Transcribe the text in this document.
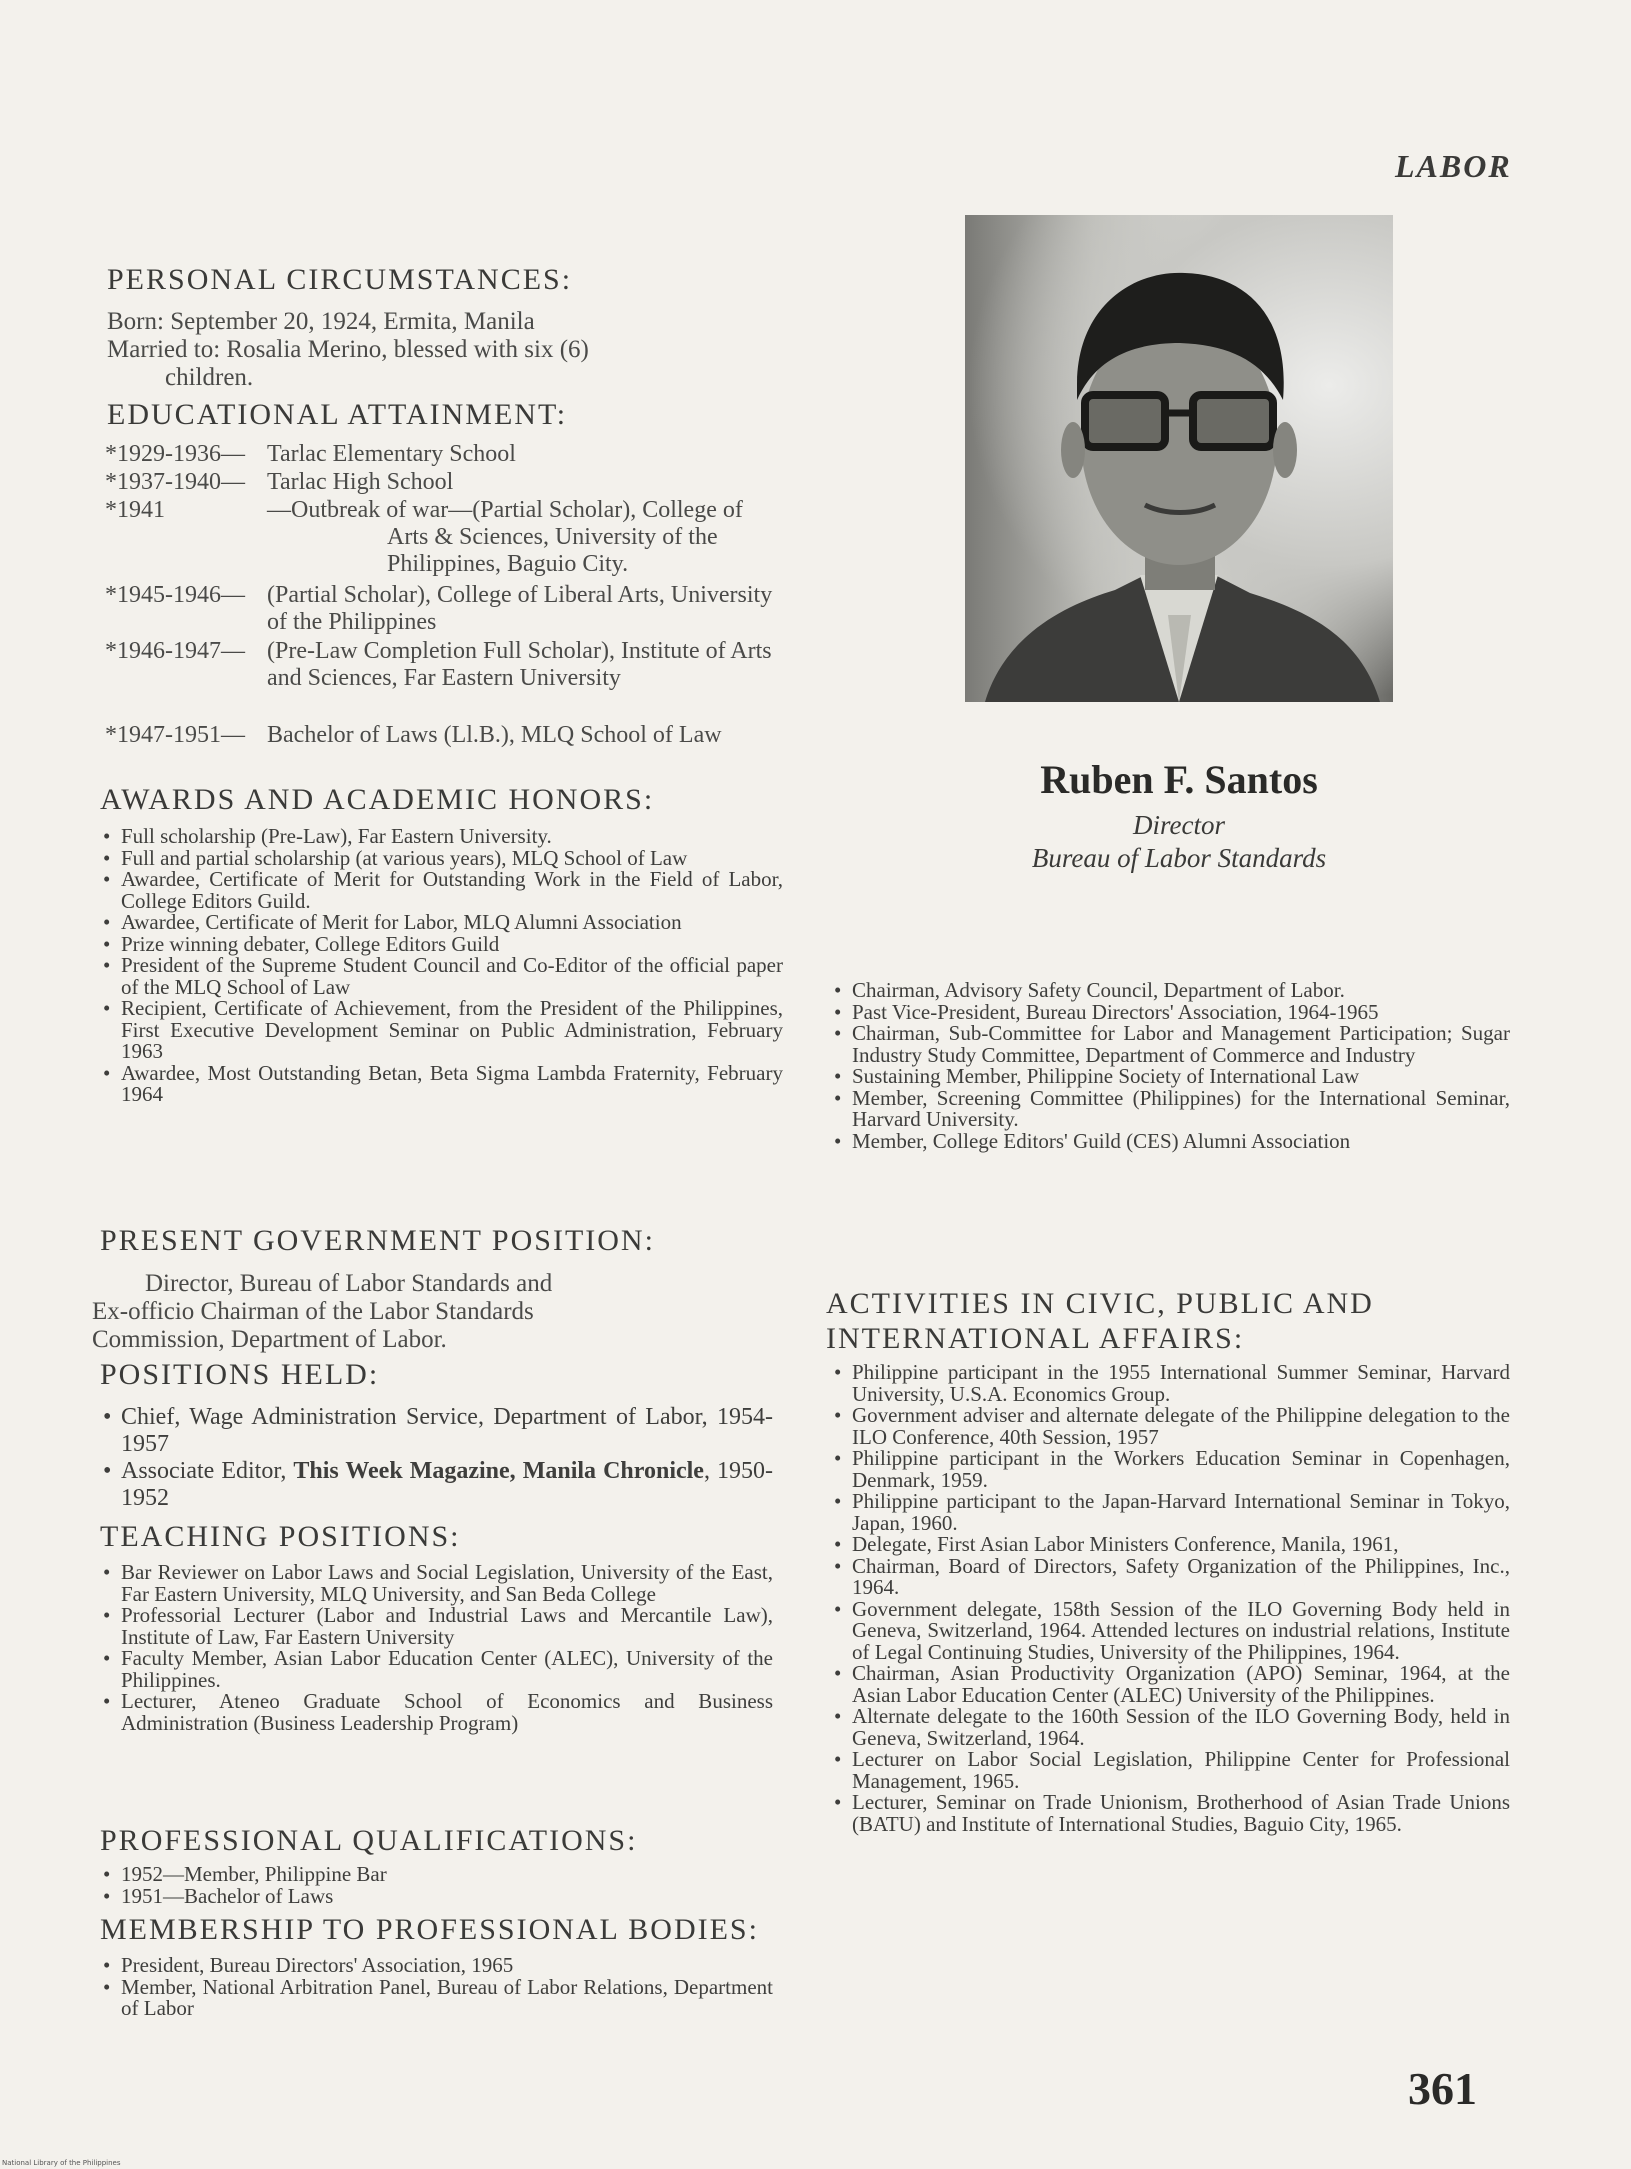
LABOR
Ruben F. Santos
Director
Bureau of Labor Standards
PERSONAL CIRCUMSTANCES:
Born: September 20, 1924, Ermita, Manila
Married to: Rosalia Merino, blessed with six (6)
children.
EDUCATIONAL ATTAINMENT:
*1929-1936— Tarlac Elementary School
*1937-1940— Tarlac High School
*1941	—Outbreak of war—(Partial Scholar), College of Arts & Sciences, University of the Philippines, Baguio City.
*1945-1946— (Partial Scholar), College of Liberal Arts, University of the Philippines
*1946-1947— (Pre-Law Completion Full Scholar), Institute of Arts and Sciences, Far Eastern University
*1947-1951— Bachelor of Laws (Ll.B.), MLQ School of Law
AWARDS AND ACADEMIC HONORS:
• Full scholarship (Pre-Law), Far Eastern University.
• Full and partial scholarship (at various years), MLQ School of Law
• Awardee, Certificate of Merit for Outstanding Work in the Field of Labor, College Editors Guild.
• Awardee, Certificate of Merit for Labor, MLQ Alumni Association
• Prize winning debater, College Editors Guild
• President of the Supreme Student Council and Co-Editor of the official paper of the MLQ School of Law
• Recipient, Certificate of Achievement, from the President of the Philippines, First Executive Development Seminar on Public Administration, February 1963
• Awardee, Most Outstanding Betan, Beta Sigma Lambda Fraternity, February 1964
PRESENT GOVERNMENT POSITION:
Director, Bureau of Labor Standards and
Ex-officio Chairman of the Labor Standards
Commission, Department of Labor.
POSITIONS HELD:
• Chief, Wage Administration Service, Department of Labor, 1954-1957
• Associate Editor, This Week Magazine, Manila Chronicle, 1950-1952
TEACHING POSITIONS:
• Bar Reviewer on Labor Laws and Social Legislation, University of the East, Far Eastern University, MLQ University, and San Beda College
• Professorial Lecturer (Labor and Industrial Laws and Mercantile Law), Institute of Law, Far Eastern University
• Faculty Member, Asian Labor Education Center (ALEC), University of the Philippines.
• Lecturer, Ateneo Graduate School of Economics and Business Administration (Business Leadership Program)
PROFESSIONAL QUALIFICATIONS:
• 1952—Member, Philippine Bar
• 1951—Bachelor of Laws
MEMBERSHIP TO PROFESSIONAL BODIES:
• President, Bureau Directors' Association, 1965
• Member, National Arbitration Panel, Bureau of Labor Relations, Department of Labor
• Chairman, Advisory Safety Council, Department of Labor.
• Past Vice-President, Bureau Directors' Association, 1964-1965
• Chairman, Sub-Committee for Labor and Management Participation; Sugar Industry Study Committee, Department of Commerce and Industry
• Sustaining Member, Philippine Society of International Law
• Member, Screening Committee (Philippines) for the International Seminar, Harvard University.
• Member, College Editors' Guild (CES) Alumni Association
ACTIVITIES IN CIVIC, PUBLIC AND
INTERNATIONAL AFFAIRS:
• Philippine participant in the 1955 International Summer Seminar, Harvard University, U.S.A. Economics Group.
• Government adviser and alternate delegate of the Philippine delegation to the ILO Conference, 40th Session, 1957
• Philippine participant in the Workers Education Seminar in Copenhagen, Denmark, 1959.
• Philippine participant to the Japan-Harvard International Seminar in Tokyo, Japan, 1960.
• Delegate, First Asian Labor Ministers Conference, Manila, 1961,
• Chairman, Board of Directors, Safety Organization of the Philippines, Inc., 1964.
• Government delegate, 158th Session of the ILO Governing Body held in Geneva, Switzerland, 1964. Attended lectures on industrial relations, Institute of Legal Continuing Studies, University of the Philippines, 1964.
• Chairman, Asian Productivity Organization (APO) Seminar, 1964, at the Asian Labor Education Center (ALEC) University of the Philippines.
• Alternate delegate to the 160th Session of the ILO Governing Body, held in Geneva, Switzerland, 1964.
• Lecturer on Labor Social Legislation, Philippine Center for Professional Management, 1965.
• Lecturer, Seminar on Trade Unionism, Brotherhood of Asian Trade Unions (BATU) and Institute of International Studies, Baguio City, 1965.
361
National Library of the Philippines
